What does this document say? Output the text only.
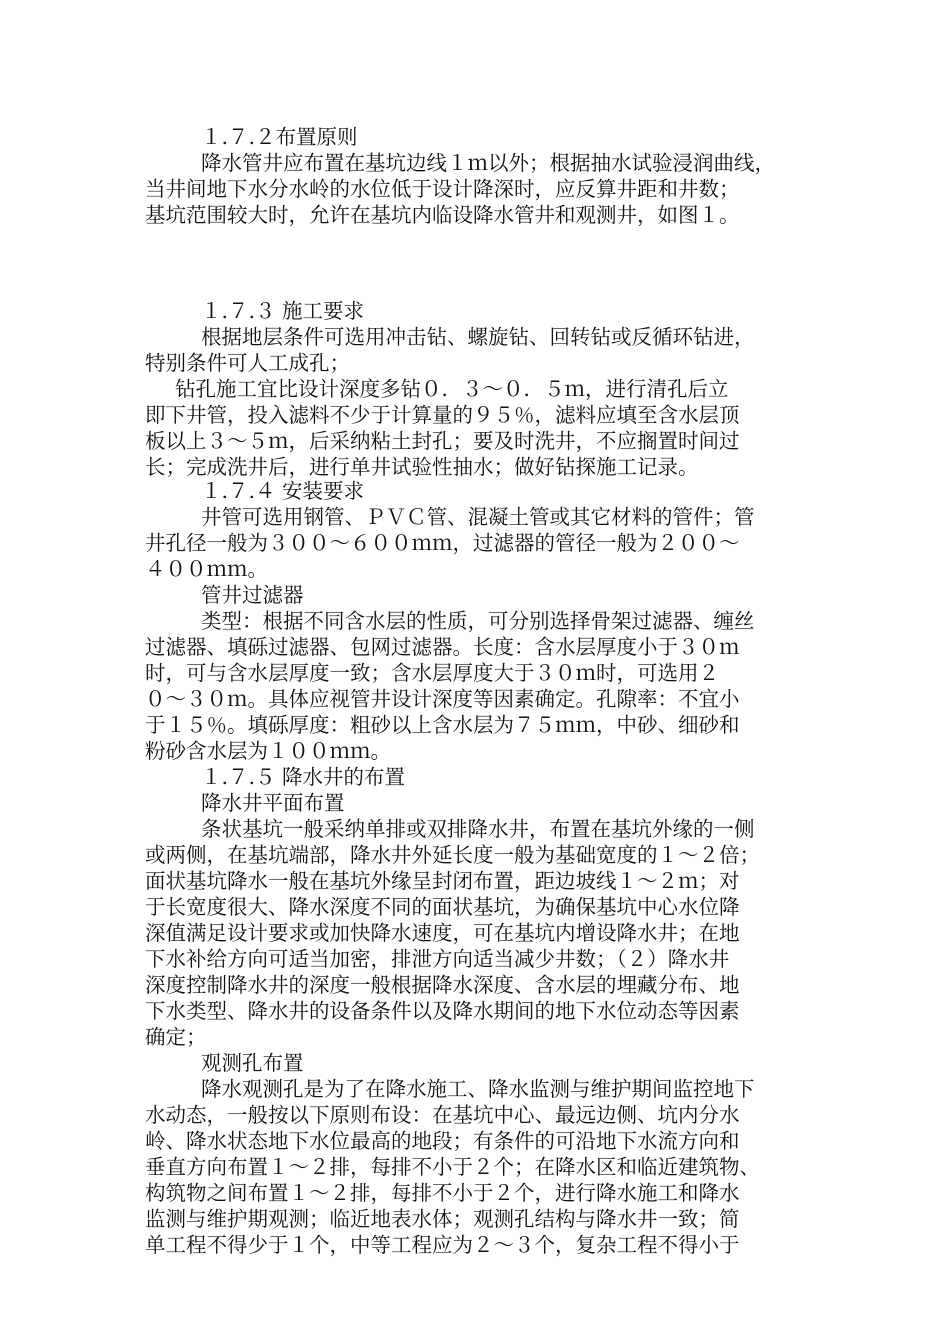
１.７.２布置原则
降水管井应布置在基坑边线１ｍ以外；根据抽水试验浸润曲线，
当井间地下水分水岭的水位低于设计降深时，应反算井距和井数；
基坑范围较大时，允许在基坑内临设降水管井和观测井，如图１。
１.７.３ 施工要求
根据地层条件可选用冲击钻、螺旋钻、回转钻或反循环钻进，
特别条件可人工成孔；
钻孔施工宜比设计深度多钻０．３～０．５ｍ，进行清孔后立
即下井管，投入滤料不少于计算量的９５％，滤料应填至含水层顶
板以上３～５ｍ，后采纳粘土封孔；要及时洗井，不应搁置时间过
长；完成洗井后，进行单井试验性抽水；做好钻探施工记录。
１.７.４ 安装要求
井管可选用钢管、ＰＶＣ管、混凝土管或其它材料的管件；管
井孔径一般为３００～６００ｍｍ，过滤器的管径一般为２００～
４００ｍｍ。
管井过滤器
类型：根据不同含水层的性质，可分别选择骨架过滤器、缠丝
过滤器、填砾过滤器、包网过滤器。长度：含水层厚度小于３０ｍ
时，可与含水层厚度一致；含水层厚度大于３０ｍ时，可选用２
０～３０ｍ。具体应视管井设计深度等因素确定。孔隙率：不宜小
于１５％。填砾厚度：粗砂以上含水层为７５ｍｍ，中砂、细砂和
粉砂含水层为１００ｍｍ。
１.７.５ 降水井的布置
降水井平面布置
条状基坑一般采纳单排或双排降水井，布置在基坑外缘的一侧
或两侧，在基坑端部，降水井外延长度一般为基础宽度的１～２倍；
面状基坑降水一般在基坑外缘呈封闭布置，距边坡线１～２ｍ；对
于长宽度很大、降水深度不同的面状基坑，为确保基坑中心水位降
深值满足设计要求或加快降水速度，可在基坑内增设降水井；在地
下水补给方向可适当加密，排泄方向适当减少井数；（２）降水井
深度控制降水井的深度一般根据降水深度、含水层的埋藏分布、地
下水类型、降水井的设备条件以及降水期间的地下水位动态等因素
确定；
观测孔布置
降水观测孔是为了在降水施工、降水监测与维护期间监控地下
水动态，一般按以下原则布设：在基坑中心、最远边侧、坑内分水
岭、降水状态地下水位最高的地段；有条件的可沿地下水流方向和
垂直方向布置１～２排，每排不小于２个；在降水区和临近建筑物、
构筑物之间布置１～２排，每排不小于２个，进行降水施工和降水
监测与维护期观测；临近地表水体；观测孔结构与降水井一致；简
单工程不得少于１个，中等工程应为２～３个，复杂工程不得小于
